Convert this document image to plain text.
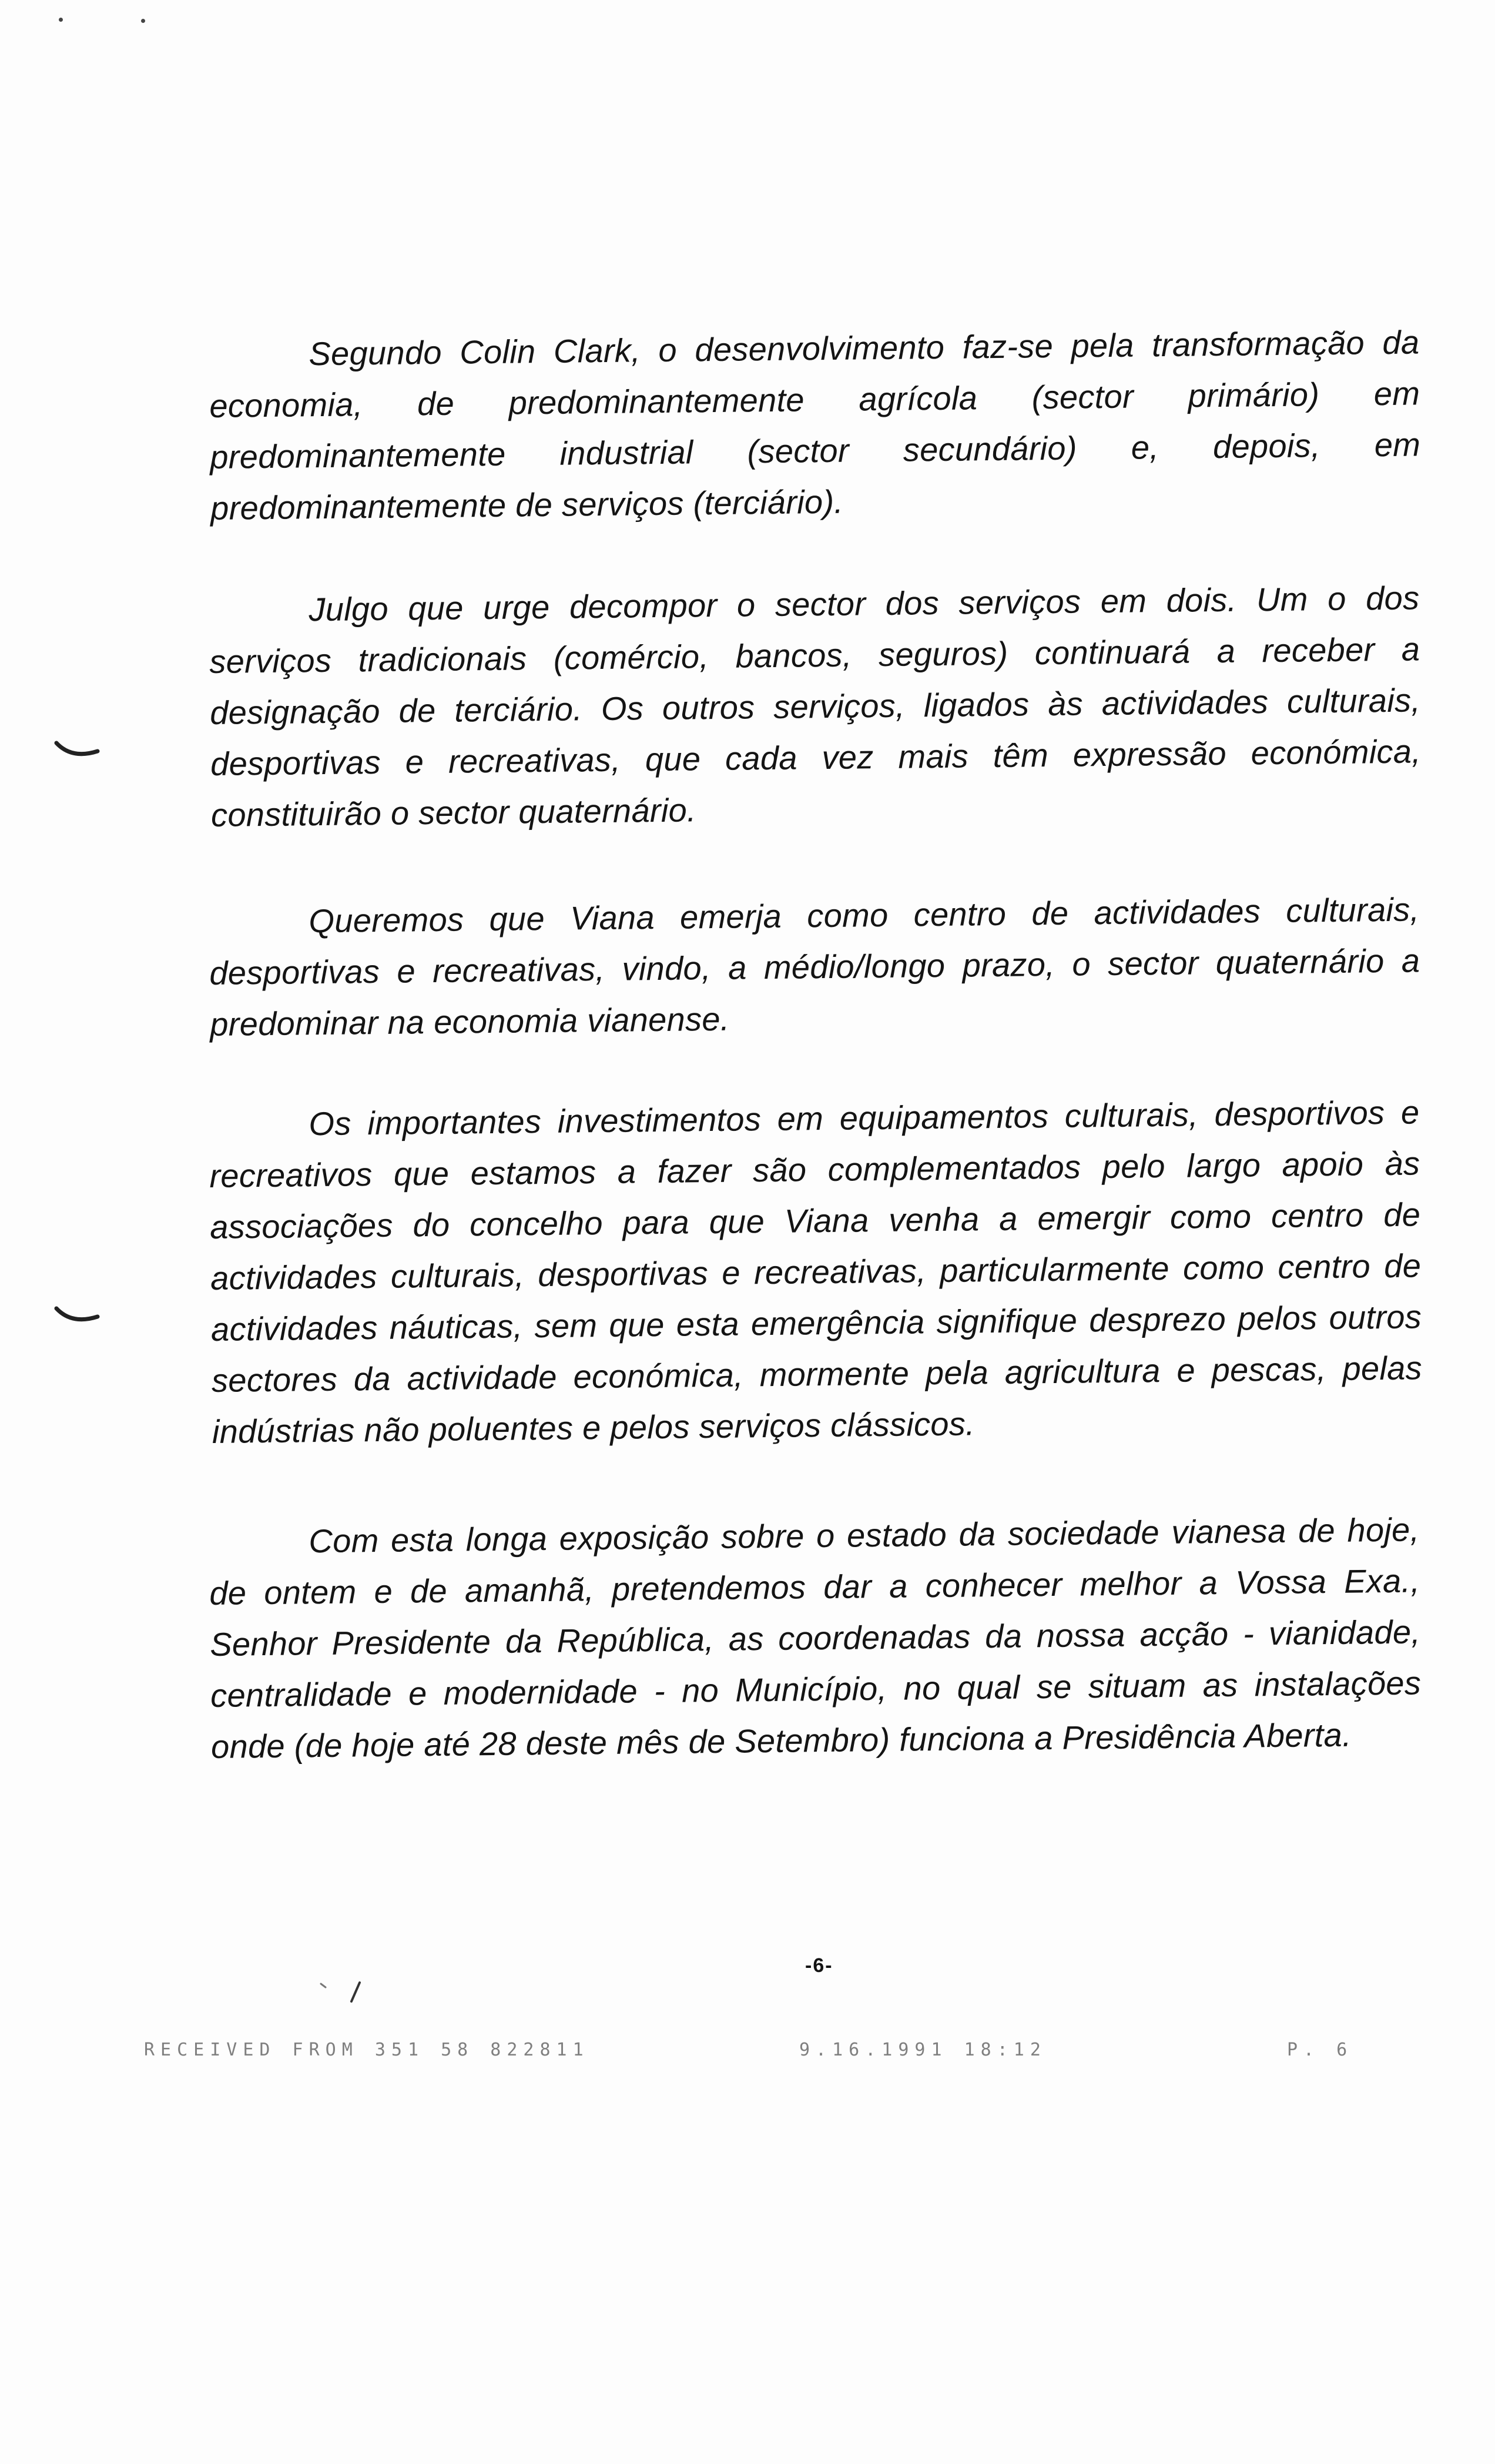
Segundo Colin Clark, o desenvolvimento faz-se pela transformação da economia, de predominantemente agrícola (sector primário) em predominantemente industrial (sector secundário) e, depois, em predominantemente de serviços (terciário).

Julgo que urge decompor o sector dos serviços em dois. Um o dos serviços tradicionais (comércio, bancos, seguros) continuará a receber a designação de terciário. Os outros serviços, ligados às actividades culturais, desportivas e recreativas, que cada vez mais têm expressão económica, constituirão o sector quaternário.

Queremos que Viana emerja como centro de actividades culturais, desportivas e recreativas, vindo, a médio/longo prazo, o sector quaternário a predominar na economia vianense.

Os importantes investimentos em equipamentos culturais, desportivos e recreativos que estamos a fazer são complementados pelo largo apoio às associações do concelho para que Viana venha a emergir como centro de actividades culturais, desportivas e recreativas, particularmente como centro de actividades náuticas, sem que esta emergência signifique desprezo pelos outros sectores da actividade económica, mormente pela agricultura e pescas, pelas indústrias não poluentes e pelos serviços clássicos.

Com esta longa exposição sobre o estado da sociedade vianesa de hoje, de ontem e de amanhã, pretendemos dar a conhecer melhor a Vossa Exa., Senhor Presidente da República, as coordenadas da nossa acção - vianidade, centralidade e modernidade - no Município, no qual se situam as instalações onde (de hoje até 28 deste mês de Setembro) funciona a Presidência Aberta.

-6-
RECEIVED FROM 351 58 822811	9.16.1991 18:12	P. 6
